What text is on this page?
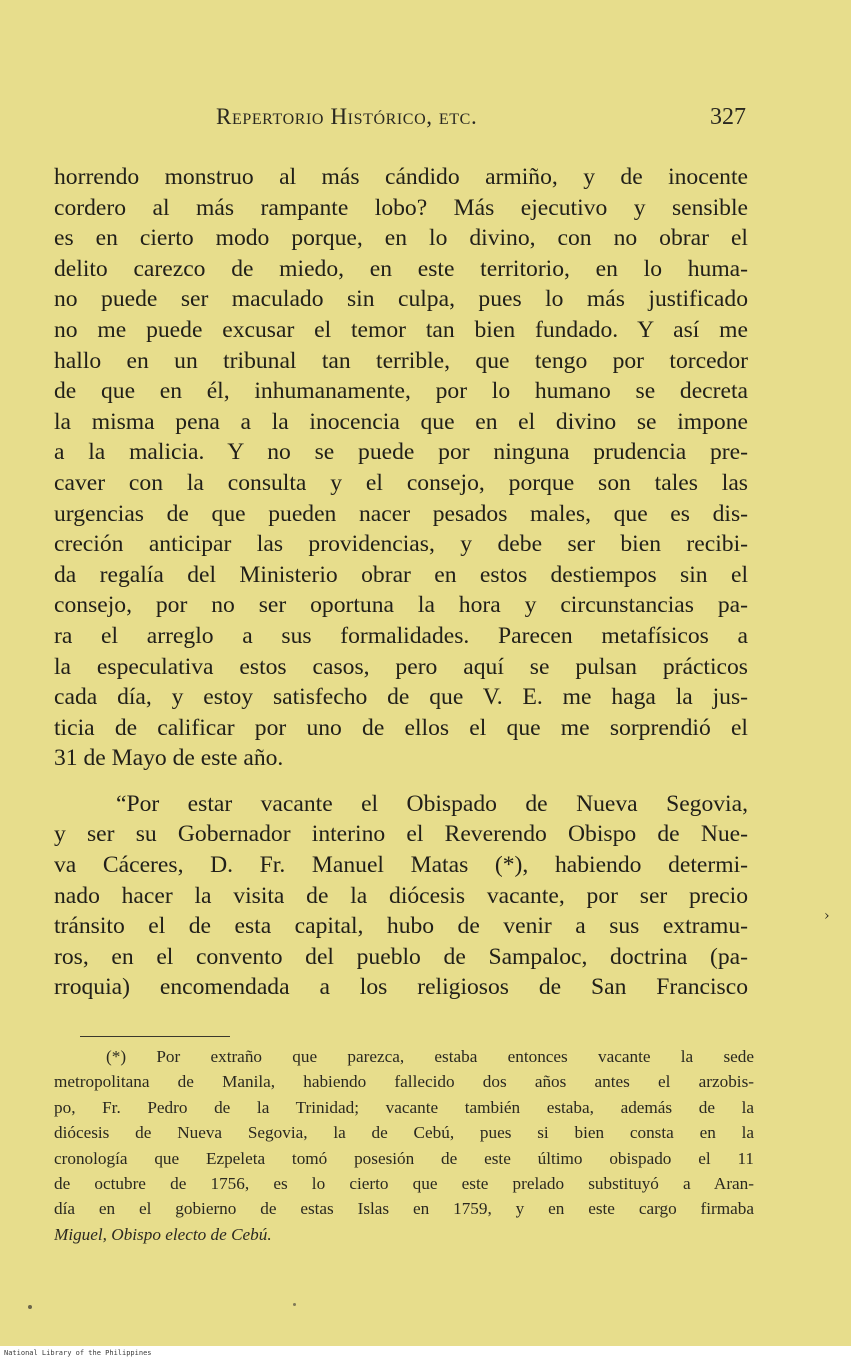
Repertorio Histórico, etc.	327
horrendo monstruo al más cándido armiño, y de inocente
cordero al más rampante lobo? Más ejecutivo y sensible
es en cierto modo porque, en lo divino, con no obrar el
delito carezco de miedo, en este territorio, en lo huma-
no puede ser maculado sin culpa, pues lo más justificado
no me puede excusar el temor tan bien fundado. Y así me
hallo en un tribunal tan terrible, que tengo por torcedor
de que en él, inhumanamente, por lo humano se decreta
la misma pena a la inocencia que en el divino se impone
a la malicia. Y no se puede por ninguna prudencia pre-
caver con la consulta y el consejo, porque son tales las
urgencias de que pueden nacer pesados males, que es dis-
creción anticipar las providencias, y debe ser bien recibi-
da regalía del Ministerio obrar en estos destiempos sin el
consejo, por no ser oportuna la hora y circunstancias pa-
ra el arreglo a sus formalidades. Parecen metafísicos a
la especulativa estos casos, pero aquí se pulsan prácticos
cada día, y estoy satisfecho de que V. E. me haga la jus-
ticia de calificar por uno de ellos el que me sorprendió el
31 de Mayo de este año.
“Por estar vacante el Obispado de Nueva Segovia,
y ser su Gobernador interino el Reverendo Obispo de Nue-
va Cáceres, D. Fr. Manuel Matas (*), habiendo determi-
nado hacer la visita de la diócesis vacante, por ser precio
tránsito el de esta capital, hubo de venir a sus extramu-
ros, en el convento del pueblo de Sampaloc, doctrina (pa-
rroquia) encomendada a los religiosos de San Francisco
›
(*) Por extraño que parezca, estaba entonces vacante la sede
metropolitana de Manila, habiendo fallecido dos años antes el arzobis-
po, Fr. Pedro de la Trinidad; vacante también estaba, además de la
diócesis de Nueva Segovia, la de Cebú, pues si bien consta en la
cronología que Ezpeleta tomó posesión de este último obispado el 11
de octubre de 1756, es lo cierto que este prelado substituyó a Aran-
día en el gobierno de estas Islas en 1759, y en este cargo firmaba
Miguel, Obispo electo de Cebú.
National Library of the Philippines
